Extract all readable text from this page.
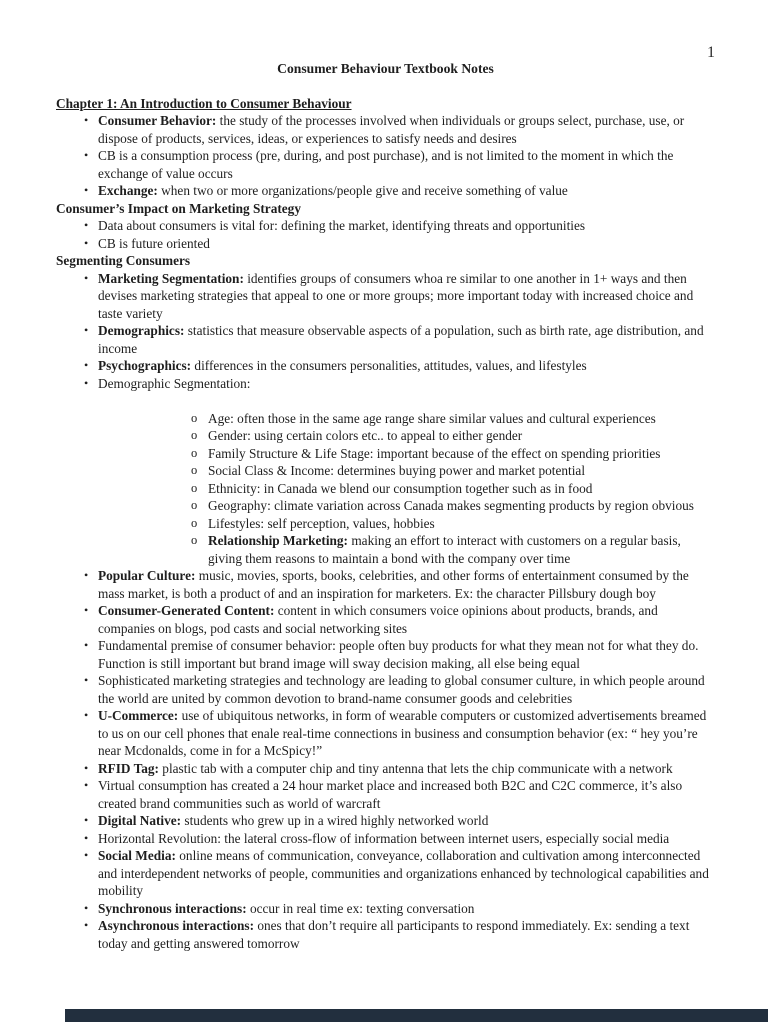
1
Consumer Behaviour Textbook Notes
Chapter 1: An Introduction to Consumer Behaviour
• Consumer Behavior: the study of the processes involved when individuals or groups select, purchase, use, or dispose of products, services, ideas, or experiences to satisfy needs and desires
• CB is a consumption process (pre, during, and post purchase), and is not limited to the moment in which the exchange of value occurs
• Exchange: when two or more organizations/people give and receive something of value
Consumer’s Impact on Marketing Strategy
• Data about consumers is vital for: defining the market, identifying threats and opportunities
• CB is future oriented
Segmenting Consumers
• Marketing Segmentation: identifies groups of consumers whoa re similar to one another in 1+ ways and then devises marketing strategies that appeal to one or more groups; more important today with increased choice and taste variety
• Demographics: statistics that measure observable aspects of a population, such as birth rate, age distribution, and income
• Psychographics: differences in the consumers personalities, attitudes, values, and lifestyles
• Demographic Segmentation:
o Age: often those in the same age range share similar values and cultural experiences
o Gender: using certain colors etc.. to appeal to either gender
o Family Structure & Life Stage: important because of the effect on spending priorities
o Social Class & Income: determines buying power and market potential
o Ethnicity: in Canada we blend our consumption together such as in food
o Geography: climate variation across Canada makes segmenting products by region obvious
o Lifestyles: self perception, values, hobbies
o Relationship Marketing: making an effort to interact with customers on a regular basis, giving them reasons to maintain a bond with the company over time
• Popular Culture: music, movies, sports, books, celebrities, and other forms of entertainment consumed by the mass market, is both a product of and an inspiration for marketers. Ex: the character Pillsbury dough boy
• Consumer-Generated Content: content in which consumers voice opinions about products, brands, and companies on blogs, pod casts and social networking sites
• Fundamental premise of consumer behavior: people often buy products for what they mean not for what they do. Function is still important but brand image will sway decision making, all else being equal
• Sophisticated marketing strategies and technology are leading to global consumer culture, in which people around the world are united by common devotion to brand-name consumer goods and celebrities
• U-Commerce: use of ubiquitous networks, in form of wearable computers or customized advertisements breamed to us on our cell phones that enale real-time connections in business and consumption behavior (ex: “ hey you’re near Mcdonalds, come in for a McSpicy!”
• RFID Tag: plastic tab with a computer chip and tiny antenna that lets the chip communicate with a network
• Virtual consumption has created a 24 hour market place and increased both B2C and C2C commerce, it’s also created brand communities such as world of warcraft
• Digital Native: students who grew up in a wired highly networked world
• Horizontal Revolution: the lateral cross-flow of information between internet users, especially social media
• Social Media: online means of communication, conveyance, collaboration and cultivation among interconnected and interdependent networks of people, communities and organizations enhanced by technological capabilities and mobility
• Synchronous interactions: occur in real time ex: texting conversation
• Asynchronous interactions: ones that don’t require all participants to respond immediately. Ex: sending a text today and getting answered tomorrow
